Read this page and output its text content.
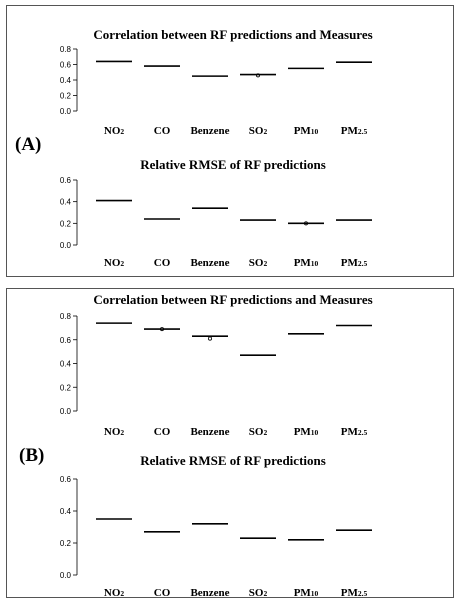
(A)
Correlation between RF predictions and Measures
0.0
0.2
0.4
0.6
0.8
NO2	CO Benzene SO2 PM10 PM2.5
Relative RMSE of RF predictions
0.0
0.2
0.4
0.6
NO2	CO Benzene SO2 PM10 PM2.5
(B)
Correlation between RF predictions and Measures
0.0
0.2
0.4
0.6
0.8
NO2	CO Benzene SO2 PM10 PM2.5
Relative RMSE of RF predictions
0.0
0.2
0.4
0.6
NO2	CO Benzene SO2 PM10 PM2.5
